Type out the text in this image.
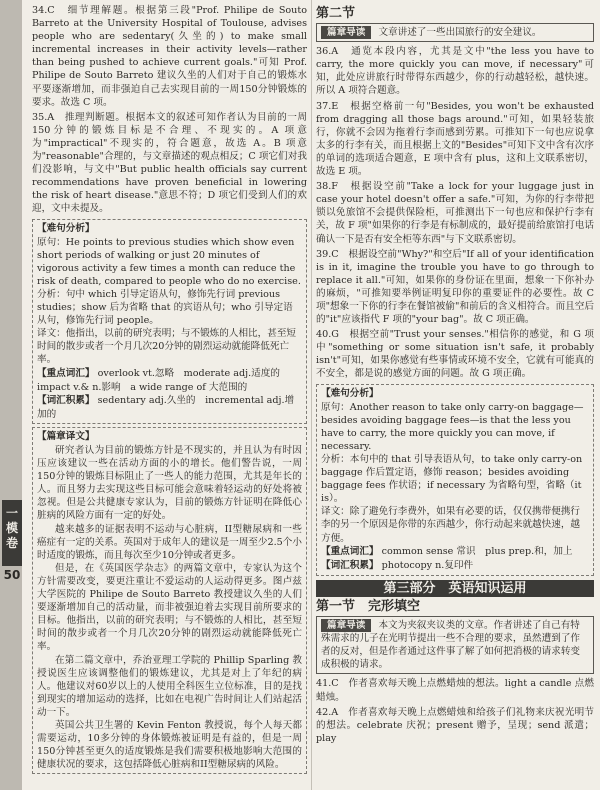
一模卷
50

34.C　细节理解题。根据第三段"Prof. Philipe de Souto Barreto at the University Hospital of Toulouse, advises people who are sedentary(久坐的) to make small incremental increases in their activity levels—rather than being pushed to achieve current goals."可知 Prof. Philipe de Souto Barreto 建议久坐的人们对于自己的锻炼水平要逐渐增加，而非强迫自己去实现目前的一周150分钟锻炼的要求。故选 C 项。

35.A　推理判断题。根据本文的叙述可知作者认为目前的一周150分钟的锻炼目标是不合理、不现实的。A 项意为"impractical"不现实的，符合题意，故选 A。B 项意为"reasonable"合理的，与文章描述的观点相反；C 项它们对我们没影响，与文中"But public health officials say current recommendations have proven beneficial in lowering the risk of heart disease."意思不符；D 项它们受到人们的欢迎，文中未提及。

【难句分析】

原句：He points to previous studies which show even short periods of walking or just 20 minutes of vigorous activity a few times a month can reduce the risk of death, compared to people who do no exercise.

分析：句中 which 引导定语从句，修饰先行词 previous studies；show 后为省略 that 的宾语从句；who 引导定语从句，修饰先行词 people。

译文：他指出，以前的研究表明；与不锻炼的人相比，甚至短时间的散步或者一个月几次20分钟的剧烈运动就能降低死亡率。

【重点词汇】 overlook vt.忽略　moderate adj.适度的　impact v.& n.影响　a wide range of 大范围的

【词汇积累】 sedentary adj.久坐的　incremental adj.增加的

【篇章译文】

研究者认为目前的锻炼方针是不现实的，并且认为有时因压应该建议一些在活动方面的小的增长。他们警告说，一周150分钟的锻炼目标阻止了一些人的能力范围，尤其是年长的人。而且努力去实现这些目标可能会意味着轻运动的好处将被忽视。但是公共健康专家认为，目前的锻炼方针证明在降低心脏病的风险方面有一定的好处。

越来越多的证据表明不运动与心脏病，II型糖尿病和一些癌症有一定的关系。英国对于成年人的建议是一周至少2.5个小时适度的锻炼，而且每次至少10分钟或者更多。

但是，在《英国医学杂志》的两篇文章中，专家认为这个方针需要改变，要更注重让不爱运动的人运动得更多。图卢兹大学医院的 Philipe de Souto Barreto 教授建议久坐的人们要逐渐增加自己的活动量，而非被强迫着去实现目前所要求的目标。他指出，以前的研究表明；与不锻炼的人相比，甚至短时间的散步或者一个月几次20分钟的剧烈运动就能降低死亡率。

在第二篇文章中，乔治亚理工学院的 Phillip Sparling 教授说医生应该调整他们的锻炼建议，尤其是对上了年纪的病人。他建议对60岁以上的人使用全科医生立位标准，目的是找到现实的增加运动的选择，比如在电视广告时间让人们站起活动一下。

英国公共卫生署的 Kevin Fenton 教授说，每个人每天都需要运动，10多分钟的身体锻炼被证明是有益的，但是一周150分钟甚至更久的适度锻炼是我们需要积极地影响大范围的健康状况的要求，这包括降低心脏病和II型糖尿病的风险。

第二节
篇章导读 文章讲述了一些出国旅行的安全建议。

36.A　通览本段内容，尤其是文中"the less you have to carry, the more quickly you can move, if necessary"可知，此处应讲旅行时带得东西越少，你的行动越轻松，越快速。所以 A 项符合题意。

37.E　根据空格前一句"Besides, you won't be exhausted from dragging all those bags around."可知，如果轻装旅行，你就不会因为拖着行李而感到劳累。可推知下一句也应说拿太多的行李有关，而且根据上文的"Besides"可知下文中含有次序的单词的选项适合题意，E 项中含有 plus，这和上文联系密切，故选 E 项。

38.F　根据设空前"Take a lock for your luggage just in case your hotel doesn't offer a safe."可知，为你的行李带把锁以免旅馆不会提供保险柜，可推测出下一句也应和保护行李有关，故 F 项"如果你的行李是有标制成的，最好提前给旅馆打电话确认一下是否有安全柜等东西"与下文联系密切。

39.C　根据设空前"Why?"和空后"If all of your identification is in it, imagine the trouble you have to go through to replace it all."可知，如果你的身份证在里面，想象一下你补办的麻烦，"可推知要举例证明复印你的重要证件的必要性。故 C 项"想象一下你的行李在餐馆被偷"和前后的含义相符合。而且空后的"it"应该指代 F 项的"your bag"。故 C 项正确。

40.G　根据空前"Trust your senses."相信你的感觉，和 G 项中"something or some situation isn't safe, it probably isn't"可知，如果你感觉有些事情或环境不安全，它就有可能真的不安全，都是说的感觉方面的问题。故 G 项正确。

【难句分析】

原句：Another reason to take only carry-on baggage—besides avoiding baggage fees—is that the less you have to carry, the more quickly you can move, if necessary.

分析：本句中的 that 引导表语从句，to take only carry-on baggage 作后置定语，修饰 reason；besides avoiding baggage fees 作状语；if necessary 为省略句型，省略（it is）。

译文：除了避免行李费外，如果有必要的话，仅仅携带便携行李的另一个原因是你带的东西越少，你行动起来就越快速，越方便。

【重点词汇】 common sense 常识　plus prep.和，加上

【词汇积累】 photocopy n.复印件

第三部分　英语知识运用
第一节　完形填空
篇章导读 本文为夹叙夹议类的文章。作者讲述了自己有特殊需求的儿子在光明节提出一些不合理的要求，虽然遭到了作者的反对，但是作者通过这件事了解了如何把消极的请求转变成积极的请求。

41.C　作者喜欢每天晚上点燃蜡烛的想法。light a candle 点燃蜡烛。

42.A　作者喜欢每天晚上点燃蜡烛和给孩子们礼物来庆祝光明节的想法。celebrate 庆祝；present 赠予，呈现；send 派遣；play
